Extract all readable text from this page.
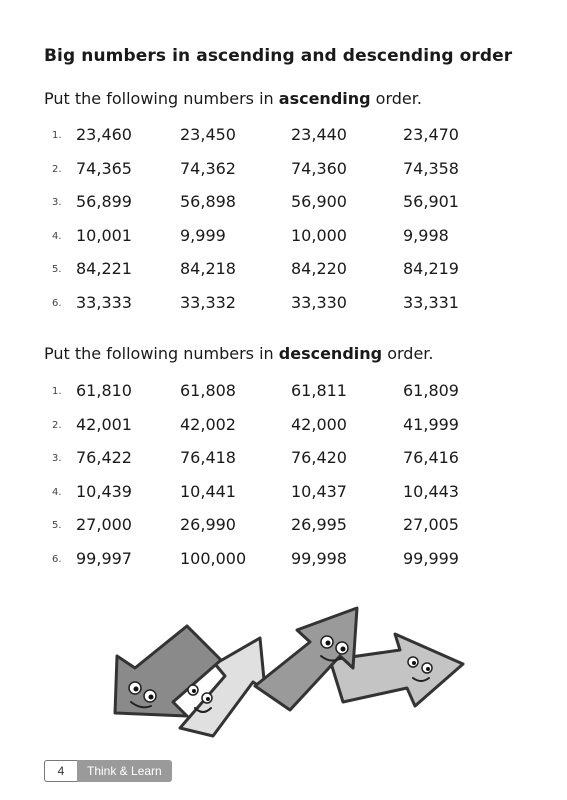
Big numbers in ascending and descending order
Put the following numbers in ascending order.
1. 23,460	23,450	23,440	23,470
2. 74,365	74,362	74,360	74,358
3. 56,899	56,898	56,900	56,901
4. 10,001	9,999	10,000	9,998
5. 84,221	84,218	84,220	84,219
6. 33,333	33,332	33,330	33,331
Put the following numbers in descending order.
1. 61,810	61,808	61,811	61,809
2. 42,001	42,002	42,000	41,999
3. 76,422	76,418	76,420	76,416
4. 10,439	10,441	10,437	10,443
5. 27,000	26,990	26,995	27,005
6. 99,997	100,000	99,998	99,999
4	Think & Learn
